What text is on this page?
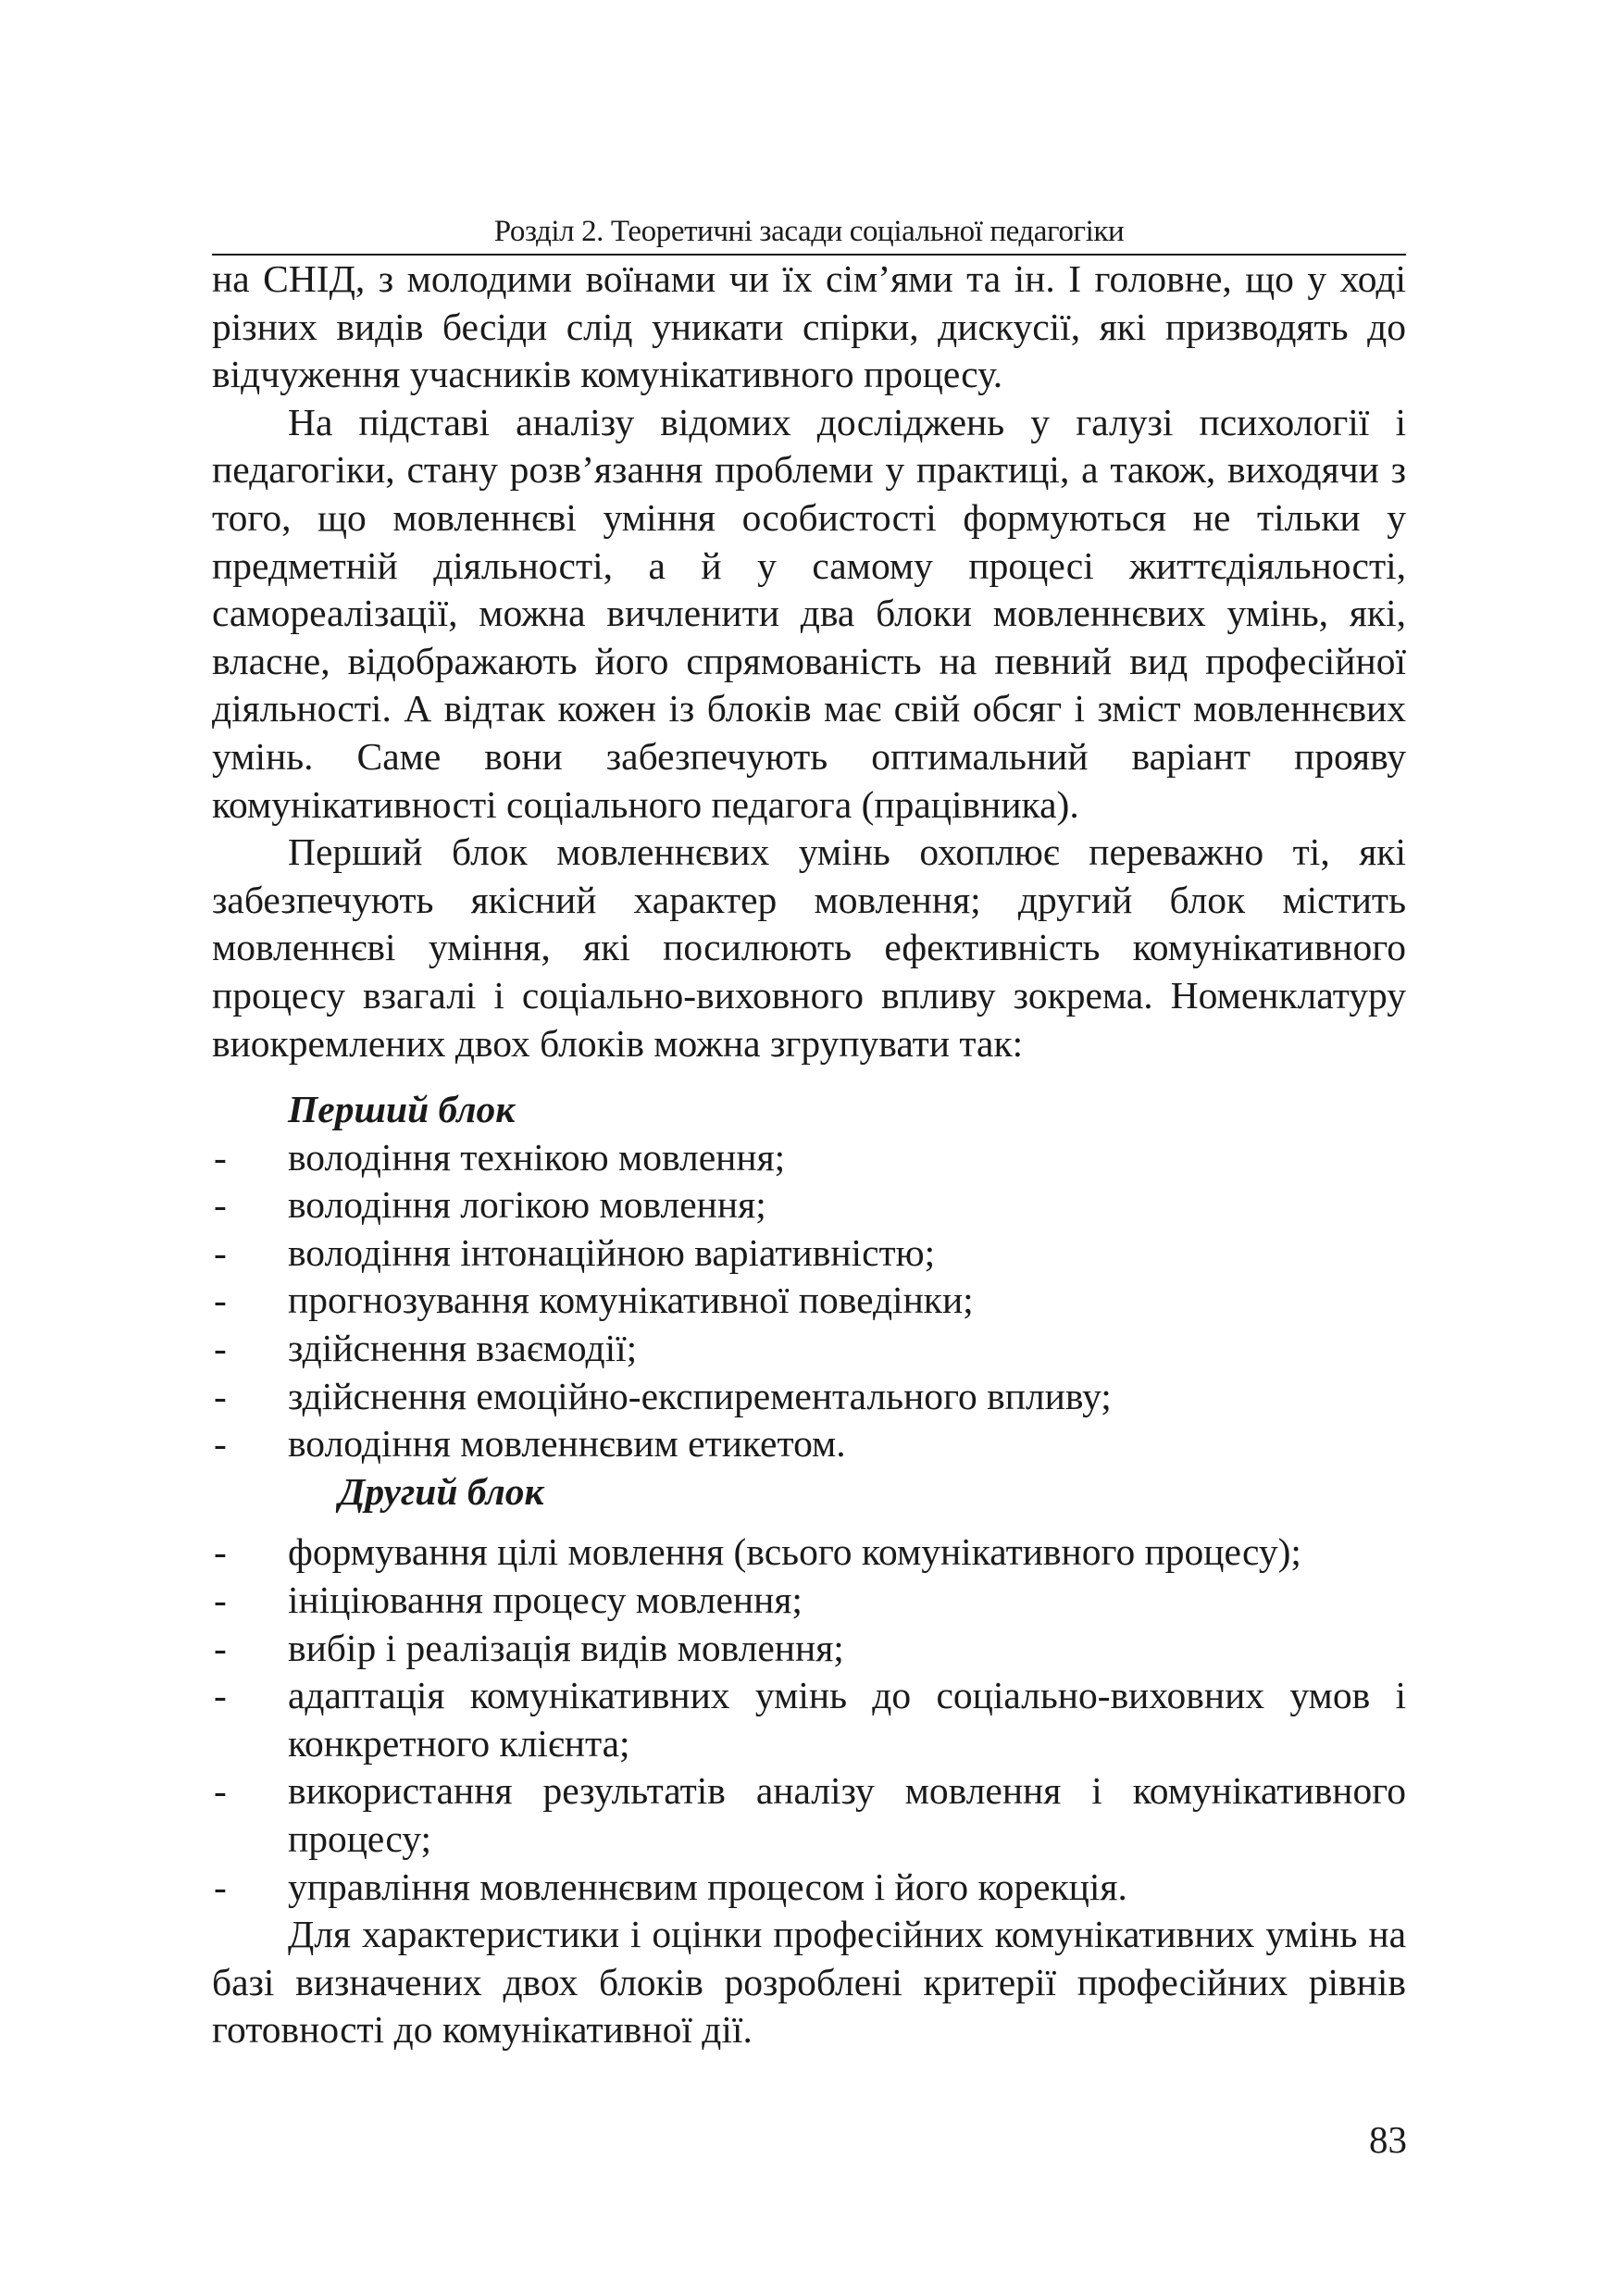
Розділ 2. Теоретичні засади соціальної педагогіки

на СНІД, з молодими воїнами чи їх сім’ями та ін. І головне, що у ході різних видів бесіди слід уникати спірки, дискусії, які призводять до відчуження учасників комунікативного процесу.

На підставі аналізу відомих досліджень у галузі психології і педагогіки, стану розв’язання проблеми у практиці, а також, виходячи з того, що мовленнєві уміння особистості формуються не тільки у предметній діяльності, а й у самому процесі життєдіяльності, самореалізації, можна вичленити два блоки мовленнєвих умінь, які, власне, відображають його спрямованість на певний вид професійної діяльності. А відтак кожен із блоків має свій обсяг і зміст мовленнєвих умінь. Саме вони забезпечують оптимальний варіант прояву комунікативності соціального педагога (працівника).

Перший блок мовленнєвих умінь охоплює переважно ті, які забезпечують якісний характер мовлення; другий блок містить мовленнєві уміння, які посилюють ефективність комунікативного процесу взагалі і соціально-виховного впливу зокрема. Номенклатуру виокремлених двох блоків можна згрупувати так:

Перший блок

- володіння технікою мовлення;
- володіння логікою мовлення;
- володіння інтонаційною варіативністю;
- прогнозування комунікативної поведінки;
- здійснення взаємодії;
- здійснення емоційно-експирементального впливу;
- володіння мовленнєвим етикетом.

Другий блок

- формування цілі мовлення (всього комунікативного процесу);
- ініціювання процесу мовлення;
- вибір і реалізація видів мовлення;
- адаптація комунікативних умінь до соціально-виховних умов і конкретного клієнта;
- використання результатів аналізу мовлення і комунікативного процесу;
- управління мовленнєвим процесом і його корекція.

Для характеристики і оцінки професійних комунікативних умінь на базі визначених двох блоків розроблені критерії професійних рівнів готовності до комунікативної дії.

83
